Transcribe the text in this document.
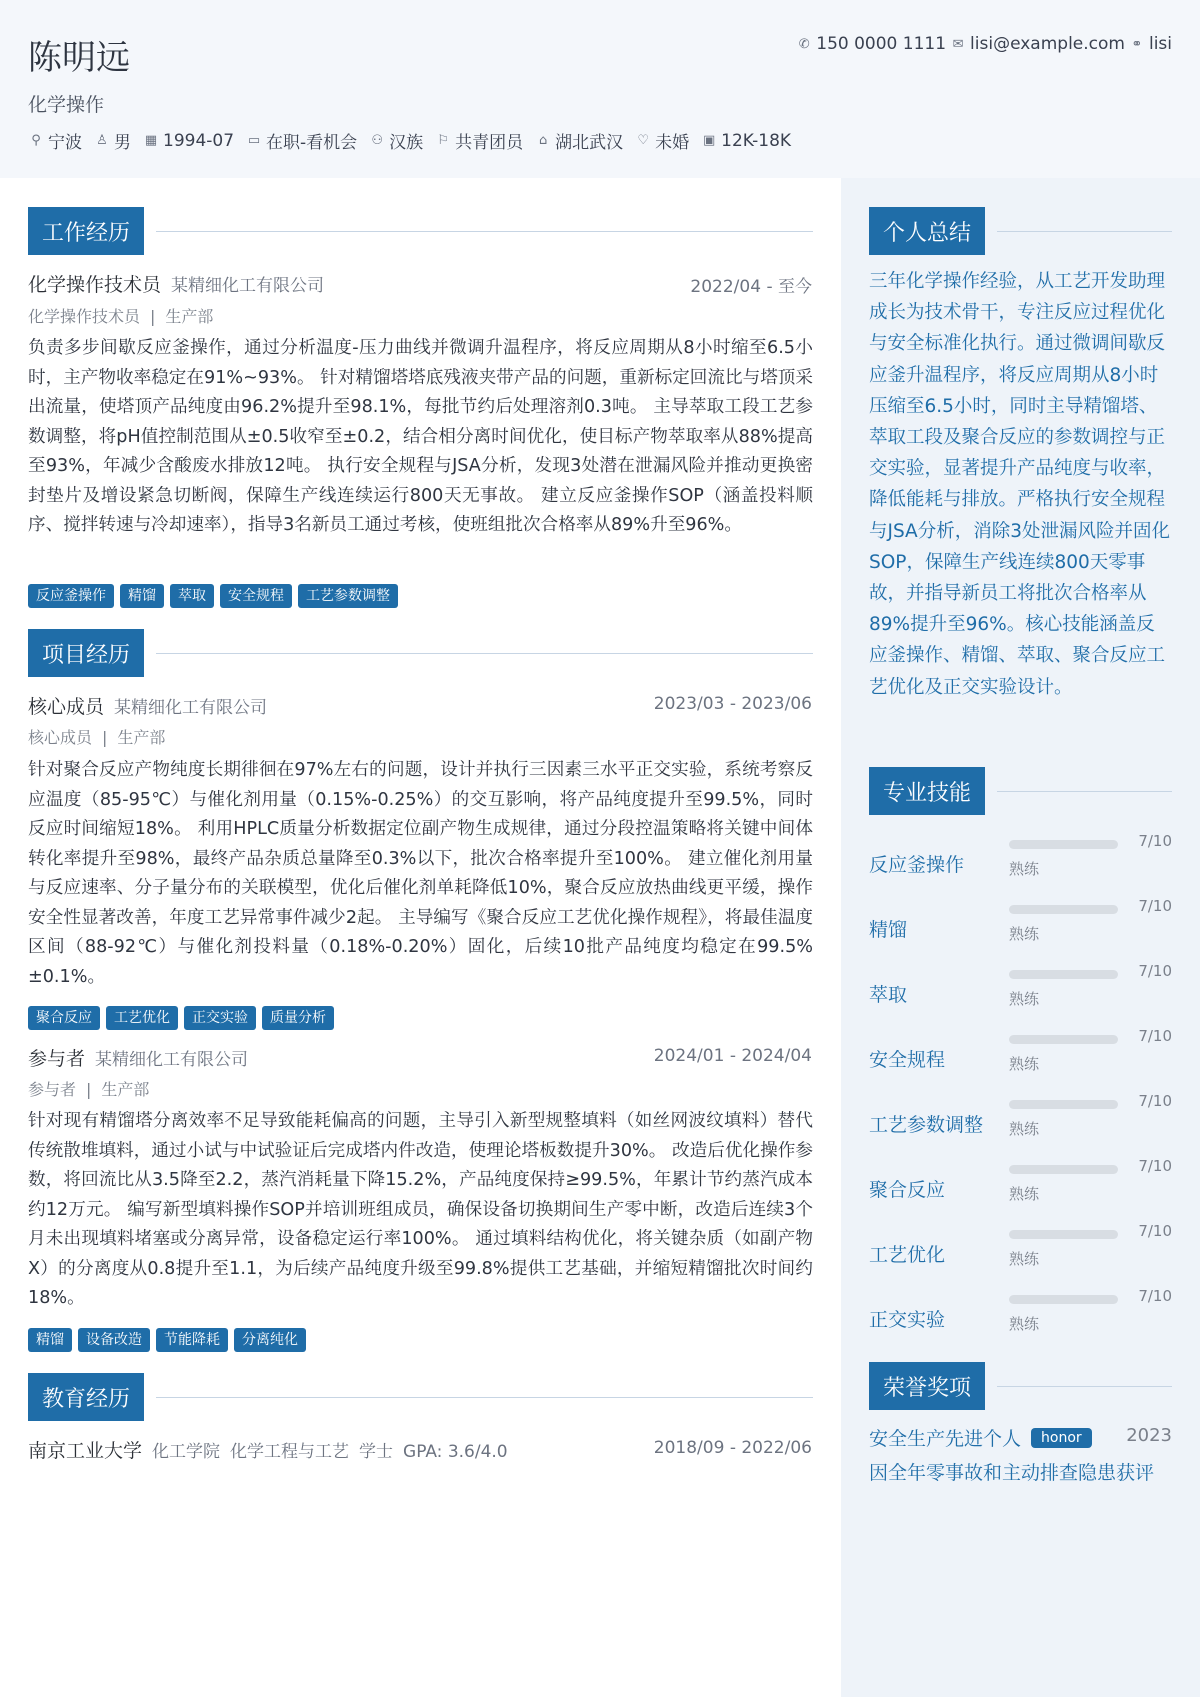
陈明远
化学操作
✆ 150 0000 1111 ✉ lisi@example.com ⚭ lisi
⚲ 宁波 ♙ 男 ▦ 1994-07 ▭ 在职-看机会 ⚇ 汉族 ⚐ 共青团员 ⌂ 湖北武汉 ♡ 未婚 ▣ 12K-18K
工作经历
化学操作技术员 某精细化工有限公司	2022/04 - 至今
化学操作技术员 | 生产部
负责多步间歇反应釜操作，通过分析温度-压力曲线并微调升温程序，将反应周期从8小时缩至6.5小时，主产物收率稳定在91%~93%。 针对精馏塔塔底残液夹带产品的问题，重新标定回流比与塔顶采出流量，使塔顶产品纯度由96.2%提升至98.1%，每批节约后处理溶剂0.3吨。 主导萃取工段工艺参数调整，将pH值控制范围从±0.5收窄至±0.2，结合相分离时间优化，使目标产物萃取率从88%提高至93%，年减少含酸废水排放12吨。 执行安全规程与JSA分析，发现3处潜在泄漏风险并推动更换密封垫片及增设紧急切断阀，保障生产线连续运行800天无事故。 建立反应釜操作SOP（涵盖投料顺序、搅拌转速与冷却速率），指导3名新员工通过考核，使班组批次合格率从89%升至96%。
反应釜操作	精馏	萃取	安全规程	工艺参数调整
项目经历
核心成员 某精细化工有限公司	2023/03 - 2023/06
核心成员 | 生产部
针对聚合反应产物纯度长期徘徊在97%左右的问题，设计并执行三因素三水平正交实验，系统考察反应温度（85-95℃）与催化剂用量（0.15%-0.25%）的交互影响，将产品纯度提升至99.5%，同时反应时间缩短18%。 利用HPLC质量分析数据定位副产物生成规律，通过分段控温策略将关键中间体转化率提升至98%，最终产品杂质总量降至0.3%以下，批次合格率提升至100%。 建立催化剂用量与反应速率、分子量分布的关联模型，优化后催化剂单耗降低10%，聚合反应放热曲线更平缓，操作安全性显著改善，年度工艺异常事件减少2起。 主导编写《聚合反应工艺优化操作规程》，将最佳温度区间（88-92℃）与催化剂投料量（0.18%-0.20%）固化，后续10批产品纯度均稳定在99.5%±0.1%。
聚合反应	工艺优化	正交实验	质量分析
参与者 某精细化工有限公司	2024/01 - 2024/04
参与者 | 生产部
针对现有精馏塔分离效率不足导致能耗偏高的问题，主导引入新型规整填料（如丝网波纹填料）替代传统散堆填料，通过小试与中试验证后完成塔内件改造，使理论塔板数提升30%。 改造后优化操作参数，将回流比从3.5降至2.2，蒸汽消耗量下降15.2%，产品纯度保持≥99.5%，年累计节约蒸汽成本约12万元。 编写新型填料操作SOP并培训班组成员，确保设备切换期间生产零中断，改造后连续3个月未出现填料堵塞或分离异常，设备稳定运行率100%。 通过填料结构优化，将关键杂质（如副产物X）的分离度从0.8提升至1.1，为后续产品纯度升级至99.8%提供工艺基础，并缩短精馏批次时间约18%。
精馏	设备改造	节能降耗	分离纯化
教育经历
南京工业大学 化工学院 化学工程与工艺 学士 GPA: 3.6/4.0	2018/09 - 2022/06
个人总结
三年化学操作经验，从工艺开发助理成长为技术骨干，专注反应过程优化与安全标准化执行。通过微调间歇反应釜升温程序，将反应周期从8小时压缩至6.5小时，同时主导精馏塔、萃取工段及聚合反应的参数调控与正交实验，显著提升产品纯度与收率，降低能耗与排放。严格执行安全规程与JSA分析，消除3处泄漏风险并固化SOP，保障生产线连续800天零事故，并指导新员工将批次合格率从89%提升至96%。核心技能涵盖反应釜操作、精馏、萃取、聚合反应工艺优化及正交实验设计。
专业技能
反应釜操作
7/10
熟练
精馏
7/10
熟练
萃取
7/10
熟练
安全规程
7/10
熟练
工艺参数调整
7/10
熟练
聚合反应
7/10
熟练
工艺优化
7/10
熟练
正交实验
7/10
熟练
荣誉奖项
安全生产先进个人	honor	2023
因全年零事故和主动排查隐患获评
